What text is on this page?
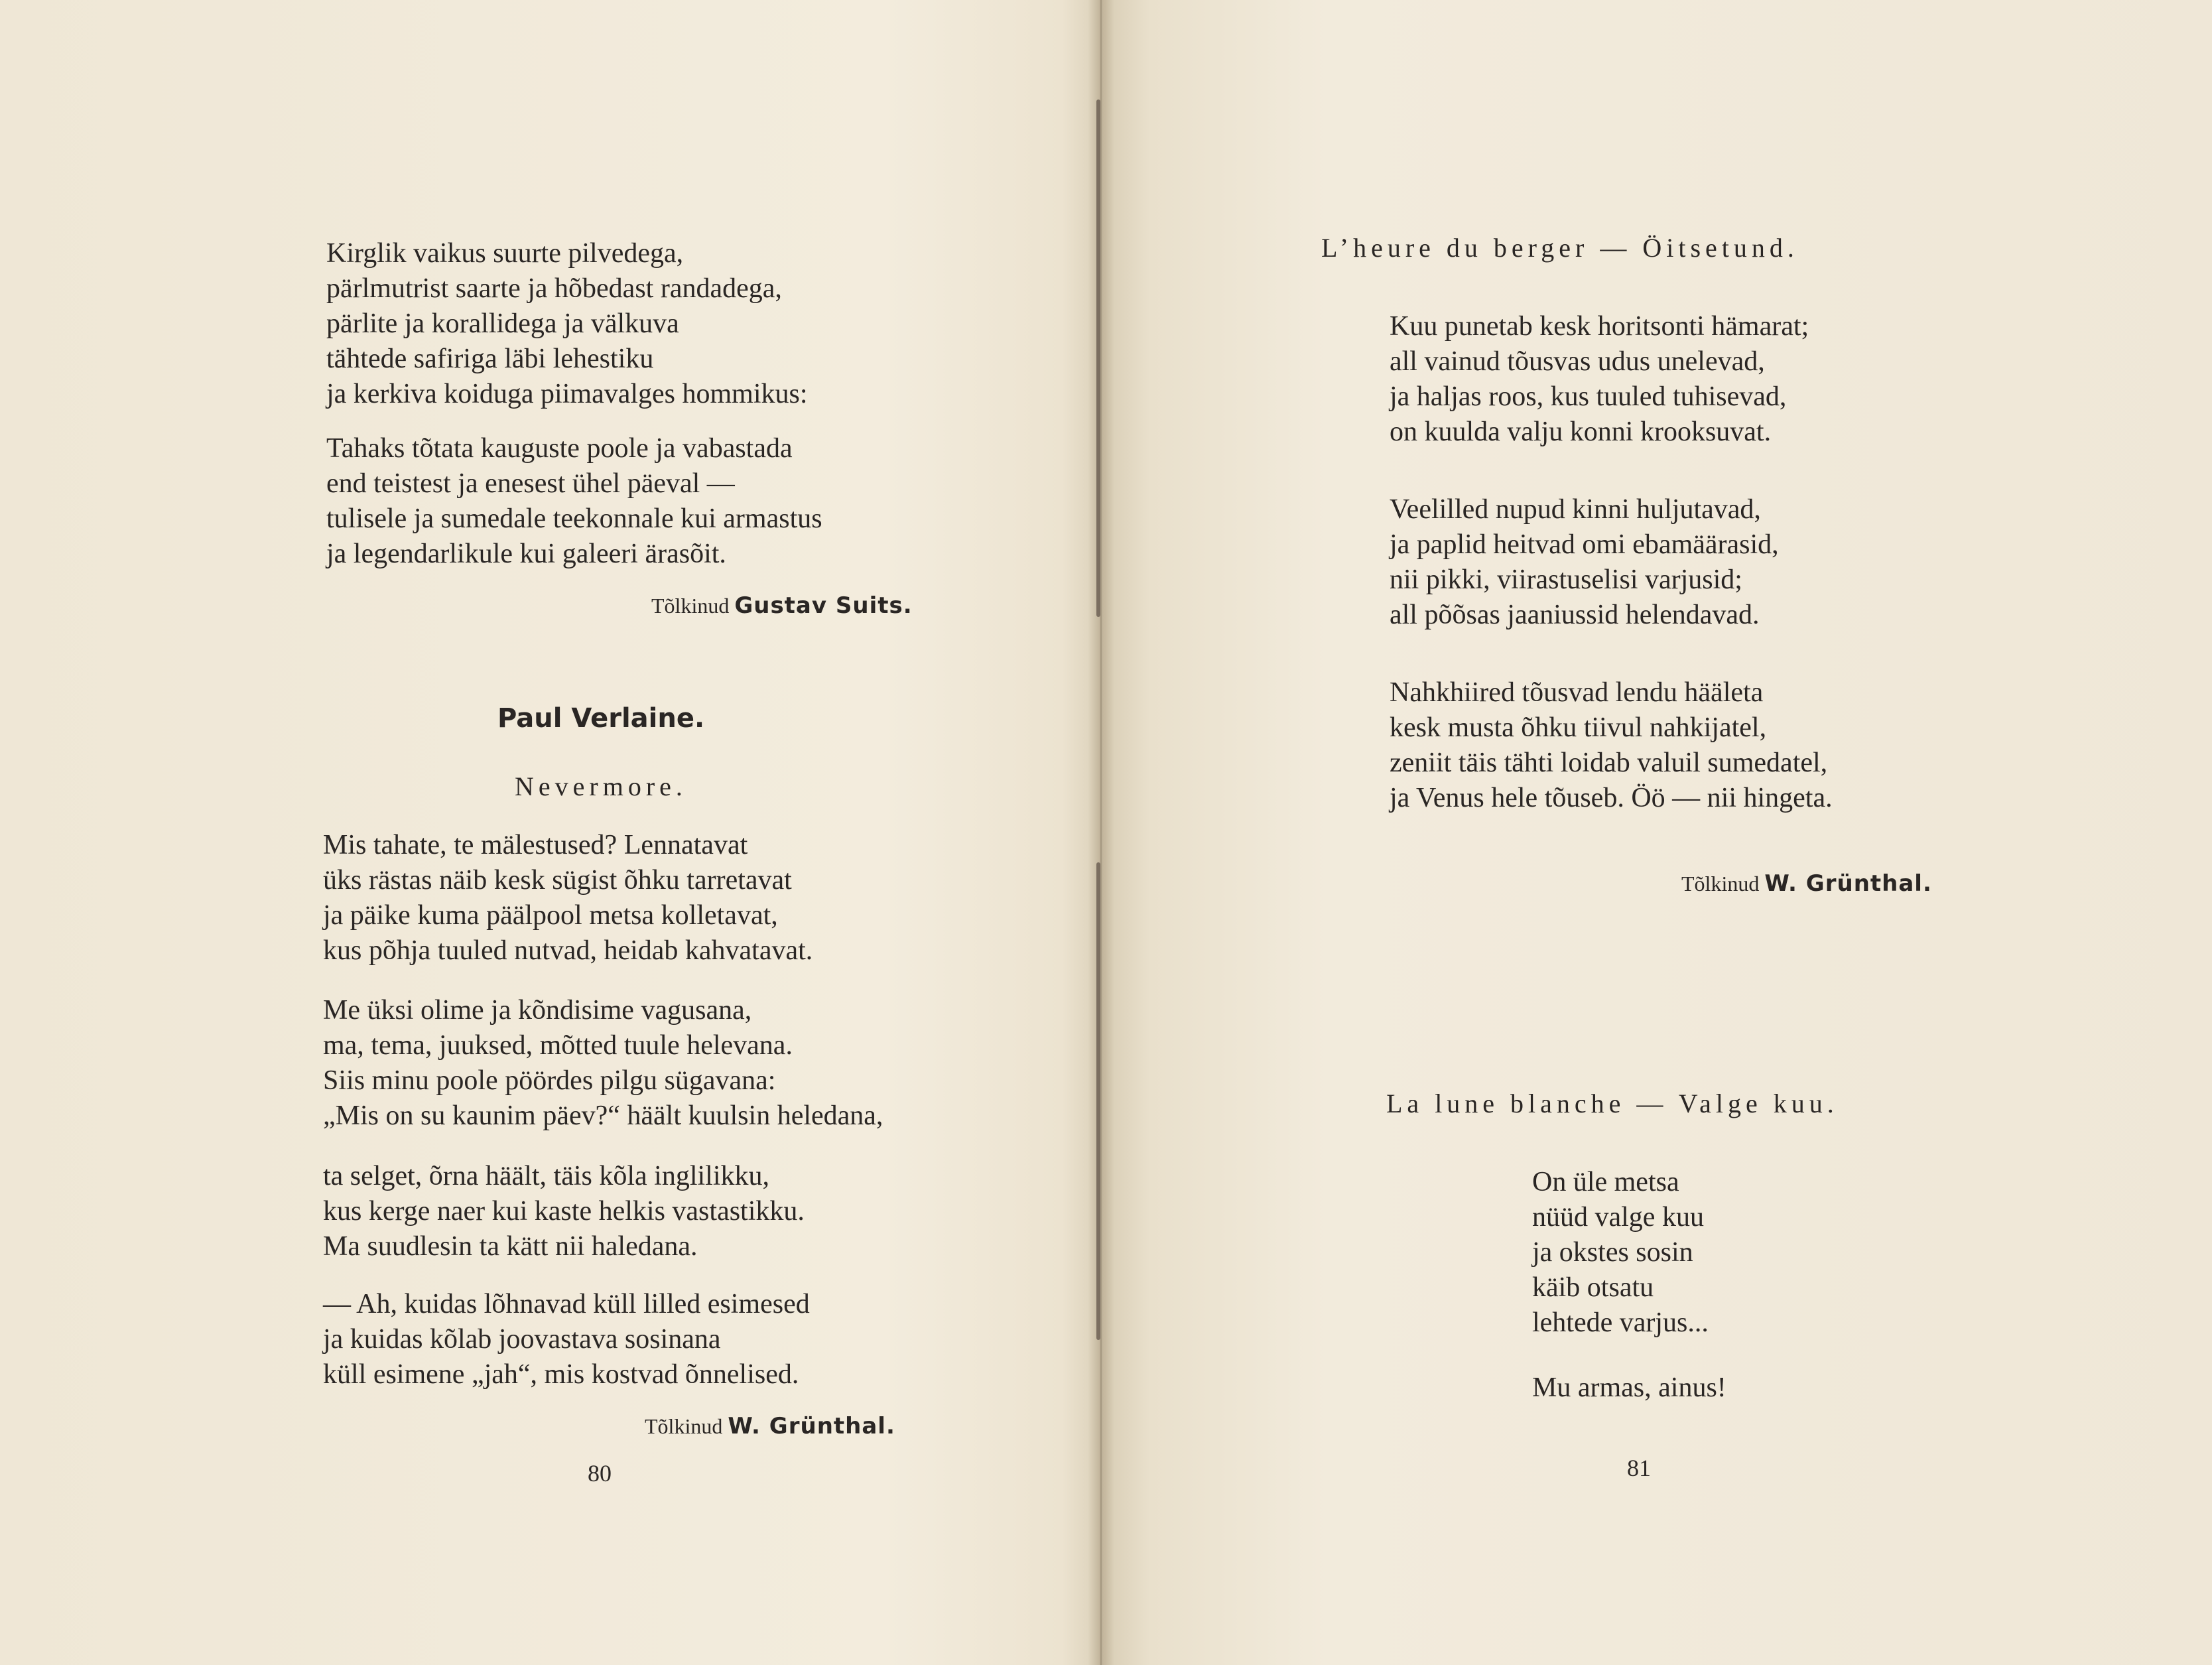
Kirglik vaikus suurte pilvedega,
pärlmutrist saarte ja hõbedast randadega,
pärlite ja korallidega ja välkuva
tähtede safiriga läbi lehestiku
ja kerkiva koiduga piimavalges hommikus:
Tahaks tõtata kauguste poole ja vabastada
end teistest ja enesest ühel päeval —
tulisele ja sumedale teekonnale kui armastus
ja legendarlikule kui galeeri ärasõit.

Tõlkinud Gustav Suits.

Paul Verlaine.

Nevermore.

Mis tahate, te mälestused? Lennatavat
üks rästas näib kesk sügist õhku tarretavat
ja päike kuma päälpool metsa kolletavat,
kus põhja tuuled nutvad, heidab kahvatavat.
Me üksi olime ja kõndisime vagusana,
ma, tema, juuksed, mõtted tuule helevana.
Siis minu poole pöördes pilgu sügavana:
„Mis on su kaunim päev?“ häält kuulsin heledana,
ta selget, õrna häält, täis kõla inglilikku,
kus kerge naer kui kaste helkis vastastikku.
Ma suudlesin ta kätt nii haledana.
— Ah, kuidas lõhnavad küll lilled esimesed
ja kuidas kõlab joovastava sosinana
küll esimene „jah“, mis kostvad õnnelised.

Tõlkinud W. Grünthal.

80

L’heure du berger — Öitsetund.

Kuu punetab kesk horitsonti hämarat;
all vainud tõusvas udus unelevad,
ja haljas roos, kus tuuled tuhisevad,
on kuulda valju konni krooksuvat.
Veelilled nupud kinni huljutavad,
ja paplid heitvad omi ebamäärasid,
nii pikki, viirastuselisi varjusid;
all põõsas jaaniussid helendavad.
Nahkhiired tõusvad lendu hääleta
kesk musta õhku tiivul nahkijatel,
zeniit täis tähti loidab valuil sumedatel,
ja Venus hele tõuseb. Öö — nii hingeta.

Tõlkinud W. Grünthal.

La lune blanche — Valge kuu.

On üle metsa
nüüd valge kuu
ja okstes sosin
käib otsatu
lehtede varjus...
Mu armas, ainus!

81
